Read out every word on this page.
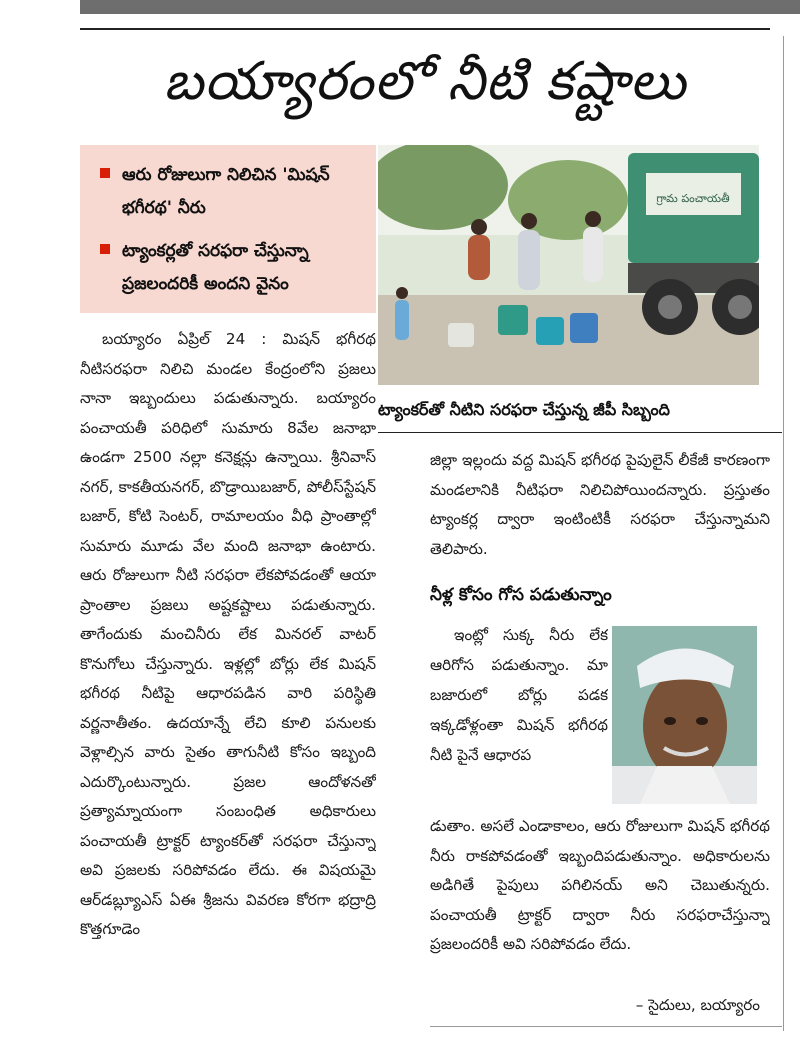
బయ్యారంలో నీటి కష్టాలు
ఆరు రోజులుగా నిలిచిన 'మిషన్ భగీరథ' నీరు
ట్యాంకర్లతో సరఫరా చేస్తున్నా ప్రజలందరికీ అందని వైనం
గ్రామ పంచాయతీ
ట్యాంకర్‌తో నీటిని సరఫరా చేస్తున్న జీపీ సిబ్బంది

బయ్యారం ఏప్రిల్ 24 : మిషన్ భగీరథ నీటిసరఫరా నిలిచి మండల కేంద్రంలోని ప్రజలు నానా ఇబ్బందులు పడుతున్నారు. బయ్యారం పంచాయతీ పరిధిలో సుమారు 8వేల జనాభా ఉండగా 2500 నల్లా కనెక్షన్లు ఉన్నాయి. శ్రీనివాస్ నగర్, కాకతీయనగర్, బొడ్రాయిబజార్, పోలీస్‌స్టేషన్ బజార్, కోటి సెంటర్, రామాలయం వీధి ప్రాంతాల్లో సుమారు మూడు వేల మంది జనాభా ఉంటారు. ఆరు రోజులుగా నీటి సరఫరా లేకపోవడంతో ఆయా ప్రాంతాల ప్రజలు అష్టకష్టాలు పడుతున్నారు. తాగేందుకు మంచినీరు లేక మినరల్ వాటర్ కొనుగోలు చేస్తున్నారు. ఇళ్లల్లో బోర్లు లేక మిషన్ భగీరథ నీటిపై ఆధారపడిన వారి పరిస్థితి వర్ణనాతీతం. ఉదయాన్నే లేచి కూలి పనులకు వెళ్లాల్సిన వారు సైతం తాగునీటి కోసం ఇబ్బంది ఎదుర్కొంటున్నారు. ప్రజల ఆందోళనతో ప్రత్యామ్నాయంగా సంబంధిత అధికారులు పంచాయతీ ట్రాక్టర్ ట్యాంకర్‌తో సరఫరా చేస్తున్నా అవి ప్రజలకు సరిపోవడం లేదు. ఈ విషయమై ఆర్‌డబ్ల్యూఎస్ ఏఈ శ్రీజను వివరణ కోరగా భద్రాద్రి కొత్తగూడెం

జిల్లా ఇల్లందు వద్ద మిషన్ భగీరథ పైపులైన్ లీకేజీ కారణంగా మండలానికి నీటిఫరా నిలిచిపోయిందన్నారు. ప్రస్తుతం ట్యాంకర్ల ద్వారా ఇంటింటికీ సరఫరా చేస్తున్నామని తెలిపారు.

నీళ్ల కోసం గోస పడుతున్నాం

ఇంట్లో సుక్క నీరు లేక ఆరిగోస పడుతున్నాం. మా బజారులో బోర్లు పడక ఇక్కడోళ్లంతా మిషన్ భగీరథ నీటి పైనే ఆధారప

డుతాం. అసలే ఎండాకాలం, ఆరు రోజులుగా మిషన్ భగీరథ నీరు రాకపోవడంతో ఇబ్బందిపడుతున్నాం. అధికారులను అడిగితే పైపులు పగిలినయ్ అని చెబుతున్నరు. పంచాయతీ ట్రాక్టర్ ద్వారా నీరు సరఫరాచేస్తున్నా ప్రజలందరికీ అవి సరిపోవడం లేదు.

– సైదులు, బయ్యారం
